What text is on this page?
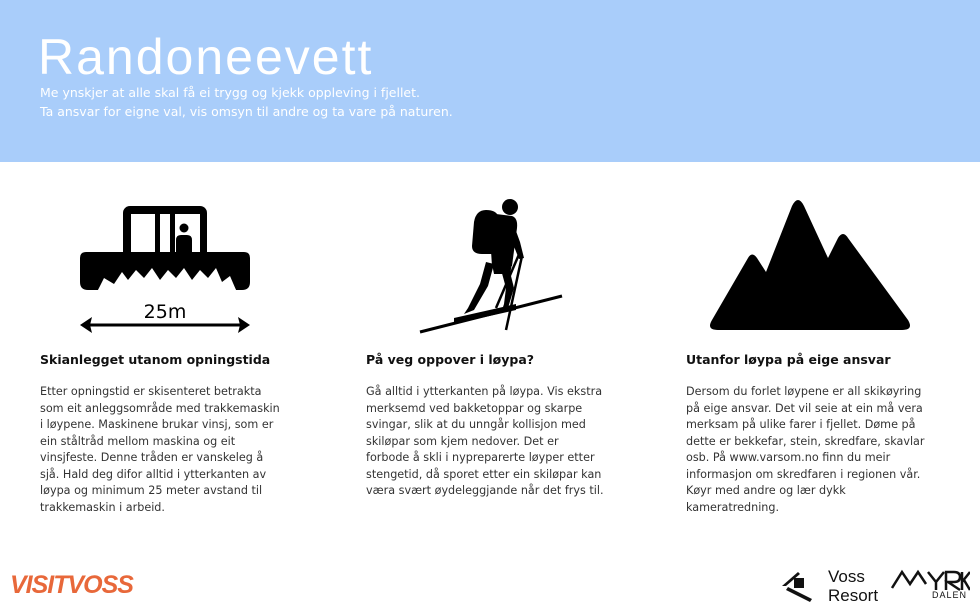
Randoneevett
Me ynskjer at alle skal få ei trygg og kjekk oppleving i fjellet.
Ta ansvar for eigne val, vis omsyn til andre og ta vare på naturen.
25m
Skianlegget utanom opningstida
Etter opningstid er skisenteret betrakta
som eit anleggsområde med trakkemaskin
i løypene. Maskinene brukar vinsj, som er
ein ståltråd mellom maskina og eit
vinsjfeste. Denne tråden er vanskeleg å
sjå. Hald deg difor alltid i ytterkanten av
løypa og minimum 25 meter avstand til
trakkemaskin i arbeid.
På veg oppover i løypa?
Gå alltid i ytterkanten på løypa. Vis ekstra
merksemd ved bakketoppar og skarpe
svingar, slik at du unngår kollisjon med
skiløpar som kjem nedover. Det er
forbode å skli i nypreparerte løyper etter
stengetid, då sporet etter ein skiløpar kan
væra svært øydeleggjande når det frys til.
Utanfor løypa på eige ansvar
Dersom du forlet løypene er all skikøyring
på eige ansvar. Det vil seie at ein må vera
merksam på ulike farer i fjellet. Døme på
dette er bekkefar, stein, skredfare, skavlar
osb. På www.varsom.no finn du meir
informasjon om skredfaren i regionen vår.
Køyr med andre og lær dykk
kameratredning.
VISITVOSS	Voss
Resort	DALEN
